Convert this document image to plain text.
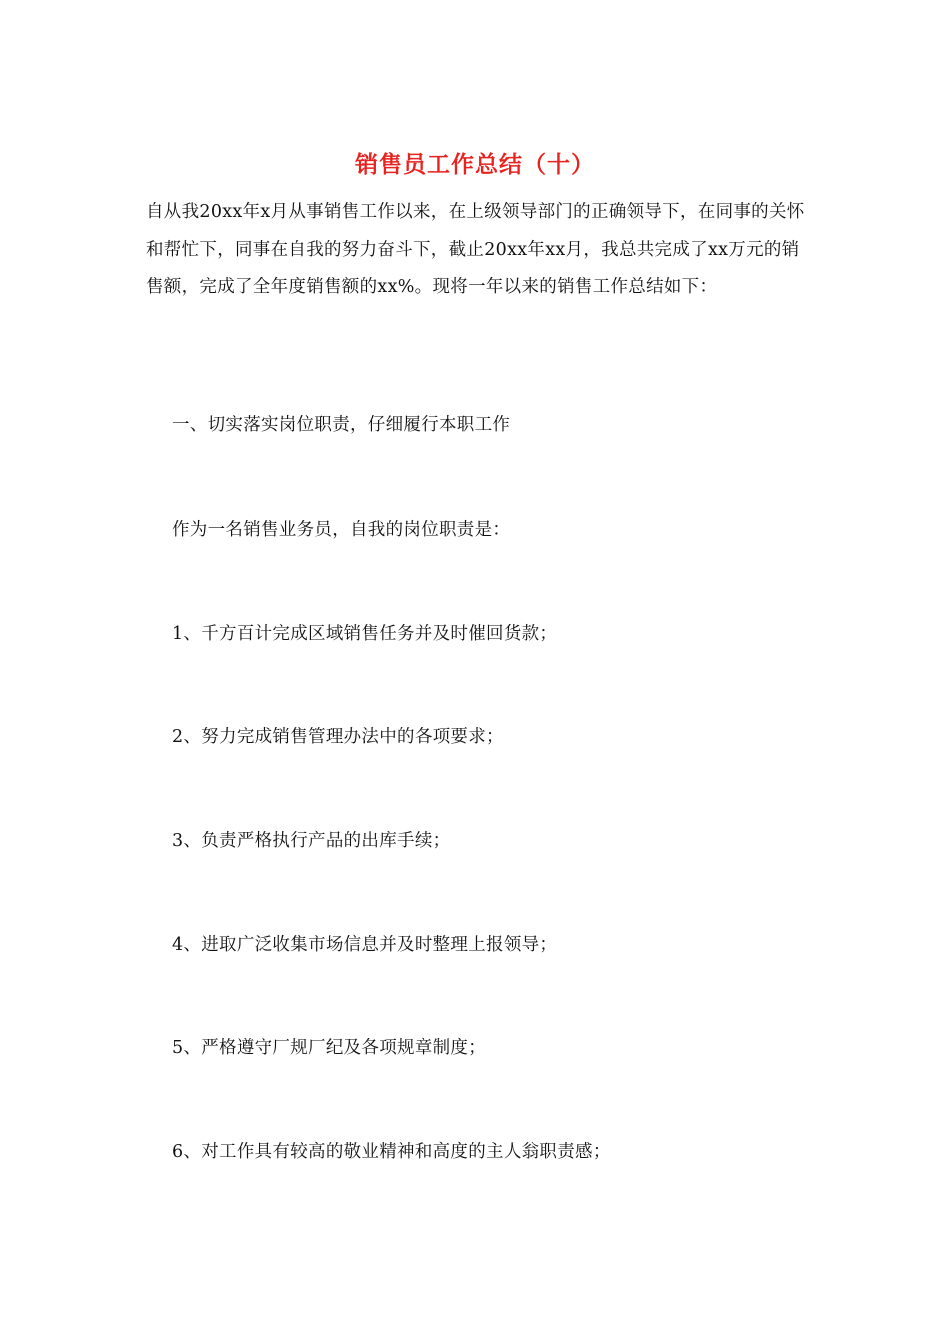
销售员工作总结（十）

自从我20xx年x月从事销售工作以来，在上级领导部门的正确领导下，在同事的关怀和帮忙下，同事在自我的努力奋斗下，截止20xx年xx月，我总共完成了xx万元的销售额，完成了全年度销售额的xx%。现将一年以来的销售工作总结如下：

一、切实落实岗位职责，仔细履行本职工作

作为一名销售业务员，自我的岗位职责是：

1、千方百计完成区域销售任务并及时催回货款；

2、努力完成销售管理办法中的各项要求；

3、负责严格执行产品的出库手续；

4、进取广泛收集市场信息并及时整理上报领导；

5、严格遵守厂规厂纪及各项规章制度；

6、对工作具有较高的敬业精神和高度的主人翁职责感；
